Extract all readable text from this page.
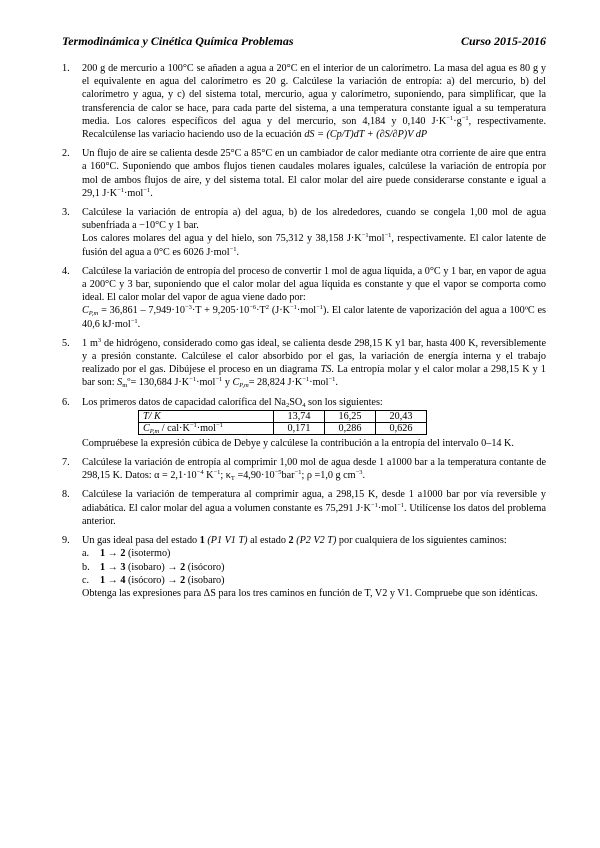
Termodinámica y Cinética Química Problemas	Curso 2015-2016
1. 200 g de mercurio a 100°C se añaden a agua a 20°C en el interior de un calorímetro. La masa del agua es 80 g y el equivalente en agua del calorímetro es 20 g. Calcúlese la variación de entropía: a) del mercurio, b) del calorímetro y agua, y c) del sistema total, mercurio, agua y calorímetro, suponiendo, para simplificar, que la transferencia de calor se hace, para cada parte del sistema, a una temperatura constante igual a su temperatura media. Los calores específicos del agua y del mercurio, son 4,184 y 0,140 $J\cdot K^{-1}\cdot g^{-1}$, respectivamente. Recalcúlense las variacio haciendo uso de la ecuación dS = (Cp/T)dT + (∂S/∂P)V dP
2. Un flujo de aire se calienta desde 25°C a 85°C en un cambiador de calor mediante otra corriente de aire que entra a 160°C. Suponiendo que ambos flujos tienen caudales molares iguales, calcúlese la variación de entropía por mol de ambos flujos de aire, y del sistema total. El calor molar del aire puede considerarse constante e igual a 29,1 $J\cdot K^{-1}\cdot mol^{-1}$.
3. Calcúlese la variación de entropía a) del agua, b) de los alrededores, cuando se congela 1,00 mol de agua subenfriada a −10°C y 1 bar.
Los calores molares del agua y del hielo, son 75,312 y 38,158 $J\cdot K^{-1}mol^{-1}$, respectivamente. El calor latente de fusión del agua a 0°C es 6026 J·mol$^{-1}$.
4. Calcúlese la variación de entropía del proceso de convertir 1 mol de agua líquida, a 0°C y 1 bar, en vapor de agua a 200°C y 3 bar, suponiendo que el calor molar del agua líquida es constante y que el vapor se comporta como ideal. El calor molar del vapor de agua viene dado por:
$C_{P,m} = 36,861 - 7,949\cdot 10^{-3}\cdot T + 9,205\cdot 10^{-6}\cdot T^2$ $(J\cdot K^{-1}\cdot mol^{-1})$. El calor latente de vaporización del agua a 100ºC es 40,6 kJ·mol$^{-1}$.
5. 1 $m^3$ de hidrógeno, considerado como gas ideal, se calienta desde 298,15 K y1 bar, hasta 400 K, reversiblemente y a presión constante. Calcúlese el calor absorbido por el gas, la variación de energía interna y el trabajo realizado por el gas. Dibújese el proceso en un diagrama TS. La entropía molar y el calor molar a 298,15 K y 1 bar son: $S_m^o= 130,684$ $J\cdot K^{-1}\cdot mol^{-1}$ y $C_{P,m}= 28,824$ $J\cdot K^{-1}\cdot mol^{-1}$.
6. Los primeros datos de capacidad calorífica del $Na_2SO_4$ son los siguientes:
T/ K	13,74	16,25	20,43
$C_{P,m} / cal\cdot K^{-1}\cdot mol^{-1}$	0,171	0,286	0,626
Compruébese la expresión cúbica de Debye y calcúlese la contribución a la entropía del intervalo 0–14 K.
7. Calcúlese la variación de entropía al comprimir 1,00 mol de agua desde 1 a1000 bar a la temperatura contante de 298,15 K. Datos: $\alpha = 2,1\cdot 10^{-4}$ $K^{-1}$; $\kappa_T =4,90\cdot 10^{-5}bar^{-1}$; ρ =1,0 g $cm^{-3}$.
8. Calcúlese la variación de temperatura al comprimir agua, a 298,15 K, desde 1 a1000 bar por vía reversible y adiabática. El calor molar del agua a volumen constante es 75,291 $J\cdot K^{-1}\cdot mol^{-1}$. Utilícense los datos del problema anterior.
9. Un gas ideal pasa del estado 1 (P1 V1 T) al estado 2 (P2 V2 T) por cualquiera de los siguientes caminos:
a. 1 → 2 (isotermo)
b. 1 → 3 (isobaro) → 2 (isócoro)
c. 1 → 4 (isócoro) → 2 (isobaro)
Obtenga las expresiones para ΔS para los tres caminos en función de T, V2 y V1. Compruebe que son idénticas.
